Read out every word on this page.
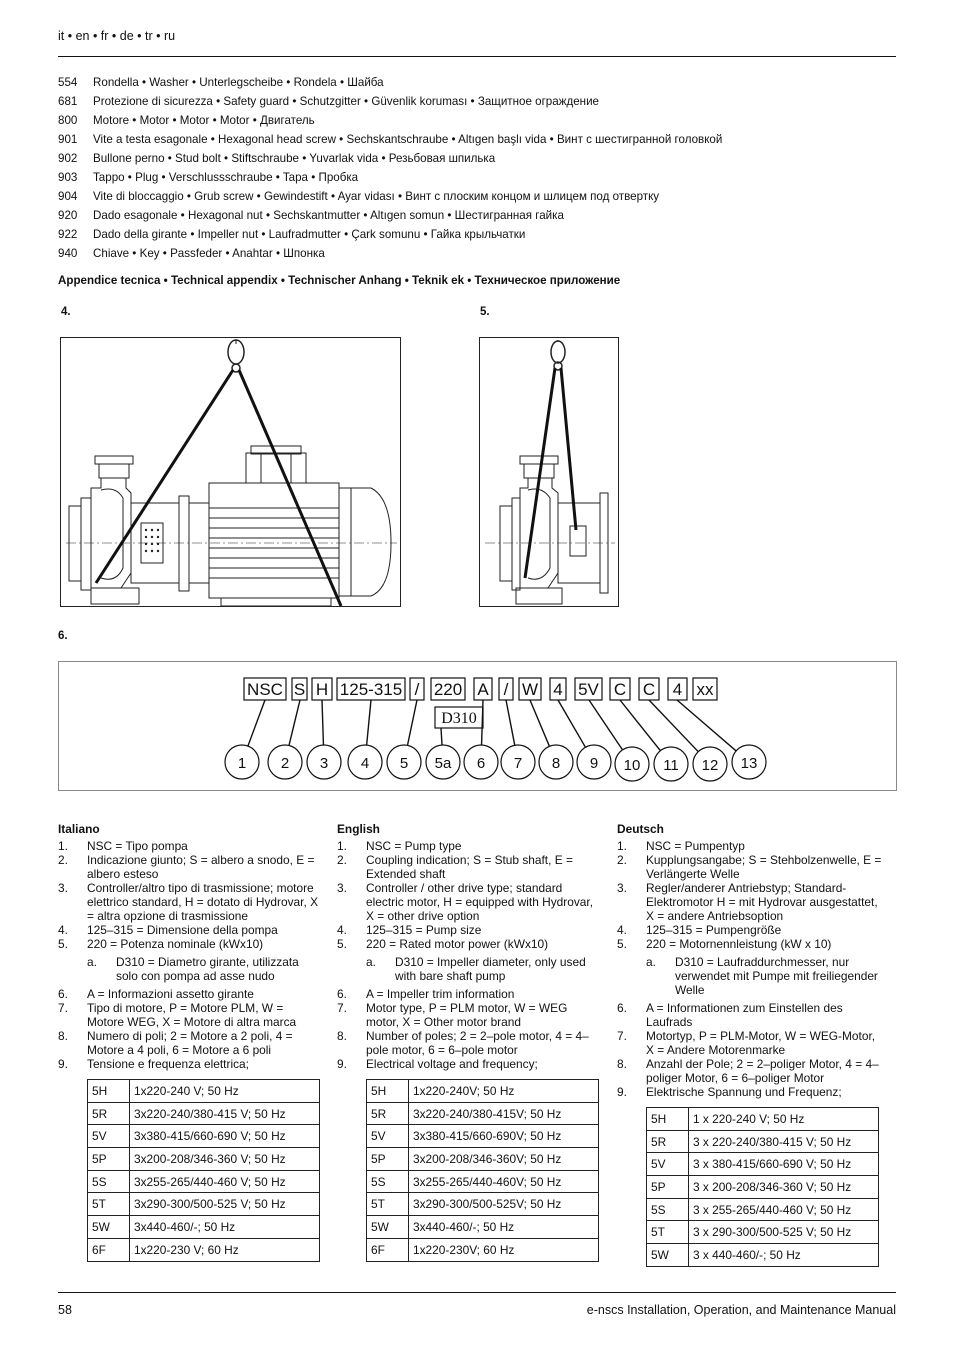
it • en • fr • de • tr • ru
554	Rondella • Washer • Unterlegscheibe • Rondela • Шайба
681	Protezione di sicurezza • Safety guard • Schutzgitter • Güvenlik koruması • Защитное ограждение
800	Motore • Motor • Motor • Motor • Двигатель
901	Vite a testa esagonale • Hexagonal head screw • Sechskantschraube • Altıgen başlı vida • Винт с шестигранной головкой
902	Bullone perno • Stud bolt • Stiftschraube • Yuvarlak vida • Резьбовая шпилька
903	Tappo • Plug • Verschlussschraube • Tapa • Пробка
904	Vite di bloccaggio • Grub screw • Gewindestift • Ayar vidası • Винт с плоским концом и шлицем под отвертку
920	Dado esagonale • Hexagonal nut • Sechskantmutter • Altıgen somun • Шестигранная гайка
922	Dado della girante • Impeller nut • Laufradmutter • Çark somunu • Гайка крыльчатки
940	Chiave • Key • Passfeder • Anahtar • Шпонка
Appendice tecnica • Technical appendix • Technischer Anhang • Teknik ek • Техническое приложение
4.	5.
6.
NSC S H 125-315 / 220 A / W 4 5V C C 4 xx
D310
1 2 3 4 5 5a 6 7 8 9 10 11 12 13
Italiano
1.	NSC = Tipo pompa
2.	Indicazione giunto; S = albero a snodo, E = albero esteso
3.	Controller/altro tipo di trasmissione; motore elettrico standard, H = dotato di Hydrovar, X = altra opzione di trasmissione
4.	125–315 = Dimensione della pompa
5.	220 = Potenza nominale (kWx10)
a.	D310 = Diametro girante, utilizzata solo con pompa ad asse nudo
6.	A = Informazioni assetto girante
7.	Tipo di motore, P = Motore PLM, W = Motore WEG, X = Motore di altra marca
8.	Numero di poli; 2 = Motore a 2 poli, 4 = Motore a 4 poli, 6 = Motore a 6 poli
9.	Tensione e frequenza elettrica;
5H	1x220-240 V; 50 Hz
5R	3x220-240/380-415 V; 50 Hz
5V	3x380-415/660-690 V; 50 Hz
5P	3x200-208/346-360 V; 50 Hz
5S	3x255-265/440-460 V; 50 Hz
5T	3x290-300/500-525 V; 50 Hz
5W	3x440-460/-; 50 Hz
6F	1x220-230 V; 60 Hz
English
1.	NSC = Pump type
2.	Coupling indication; S = Stub shaft, E = Extended shaft
3.	Controller / other drive type; standard electric motor, H = equipped with Hydrovar, X = other drive option
4.	125–315 = Pump size
5.	220 = Rated motor power (kWx10)
a.	D310 = Impeller diameter, only used with bare shaft pump
6.	A = Impeller trim information
7.	Motor type, P = PLM motor, W = WEG motor, X = Other motor brand
8.	Number of poles; 2 = 2–pole motor, 4 = 4–pole motor, 6 = 6–pole motor
9.	Electrical voltage and frequency;
5H	1x220-240V; 50 Hz
5R	3x220-240/380-415V; 50 Hz
5V	3x380-415/660-690V; 50 Hz
5P	3x200-208/346-360V; 50 Hz
5S	3x255-265/440-460V; 50 Hz
5T	3x290-300/500-525V; 50 Hz
5W	3x440-460/-; 50 Hz
6F	1x220-230V; 60 Hz
Deutsch
1.	NSC = Pumpentyp
2.	Kupplungsangabe; S = Stehbolzenwelle, E = Verlängerte Welle
3.	Regler/anderer Antriebstyp; Standard-Elektromotor H = mit Hydrovar ausgestattet, X = andere Antriebsoption
4.	125–315 = Pumpengröße
5.	220 = Motornennleistung (kW x 10)
a.	D310 = Laufraddurchmesser, nur verwendet mit Pumpe mit freiliegender Welle
6.	A = Informationen zum Einstellen des Laufrads
7.	Motortyp, P = PLM-Motor, W = WEG-Motor, X = Andere Motorenmarke
8.	Anzahl der Pole; 2 = 2–poliger Motor, 4 = 4–poliger Motor, 6 = 6–poliger Motor
9.	Elektrische Spannung und Frequenz;
5H	1 x 220-240 V; 50 Hz
5R	3 x 220-240/380-415 V; 50 Hz
5V	3 x 380-415/660-690 V; 50 Hz
5P	3 x 200-208/346-360 V; 50 Hz
5S	3 x 255-265/440-460 V; 50 Hz
5T	3 x 290-300/500-525 V; 50 Hz
5W	3 x 440-460/-; 50 Hz
58	e-nscs Installation, Operation, and Maintenance Manual
